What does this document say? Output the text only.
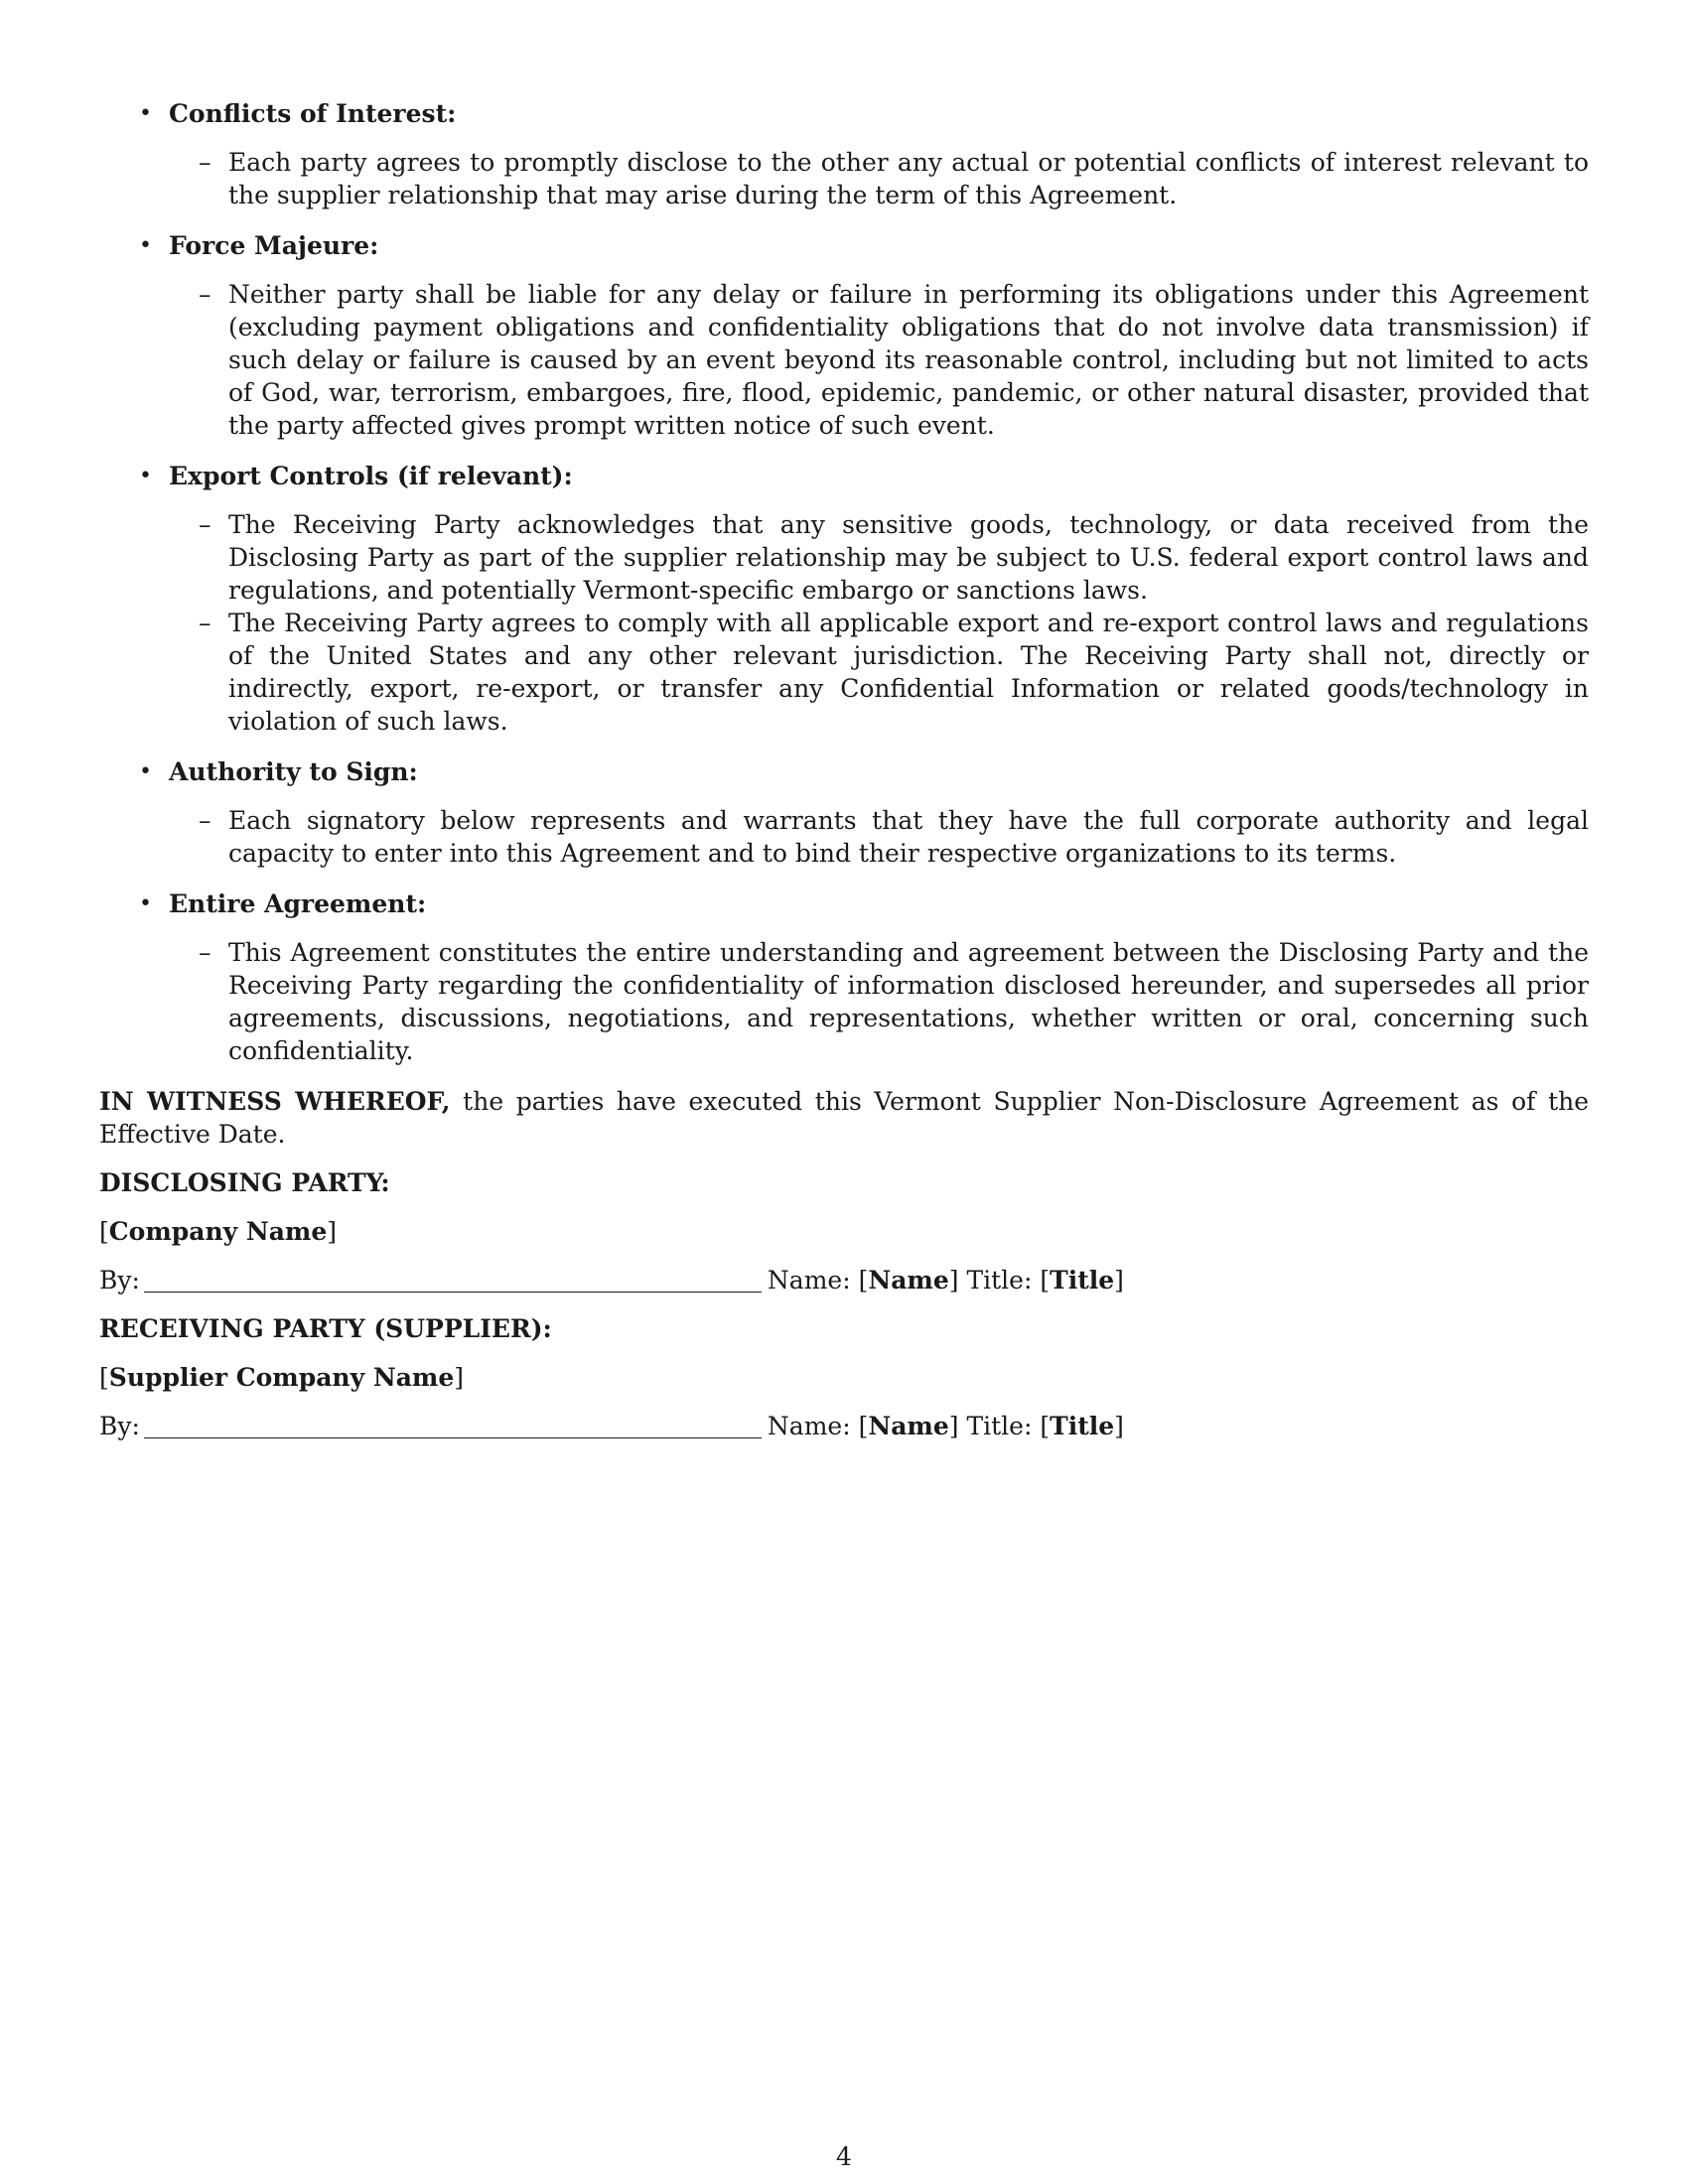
• Conflicts of Interest:
– Each party agrees to promptly disclose to the other any actual or potential conflicts of interest relevant to the supplier relationship that may arise during the term of this Agreement.
• Force Majeure:
– Neither party shall be liable for any delay or failure in performing its obligations under this Agreement (excluding payment obligations and confidentiality obligations that do not involve data transmission) if such delay or failure is caused by an event beyond its reasonable control, including but not limited to acts of God, war, terrorism, embargoes, fire, flood, epidemic, pandemic, or other natural disaster, provided that the party affected gives prompt written notice of such event.
• Export Controls (if relevant):
– The Receiving Party acknowledges that any sensitive goods, technology, or data received from the Disclosing Party as part of the supplier relationship may be subject to U.S. federal export control laws and regulations, and potentially Vermont-specific embargo or sanctions laws.
– The Receiving Party agrees to comply with all applicable export and re-export control laws and regulations of the United States and any other relevant jurisdiction. The Receiving Party shall not, directly or indirectly, export, re-export, or transfer any Confidential Information or related goods/technology in violation of such laws.
• Authority to Sign:
– Each signatory below represents and warrants that they have the full corporate authority and legal capacity to enter into this Agreement and to bind their respective organizations to its terms.
• Entire Agreement:
– This Agreement constitutes the entire understanding and agreement between the Disclosing Party and the Receiving Party regarding the confidentiality of information disclosed hereunder, and supersedes all prior agreements, discussions, negotiations, and representations, whether written or oral, concerning such confidentiality.
IN WITNESS WHEREOF, the parties have executed this Vermont Supplier Non-Disclosure Agreement as of the Effective Date.
DISCLOSING PARTY:
[Company Name]
By:	Name: [Name] Title: [Title]
RECEIVING PARTY (SUPPLIER):
[Supplier Company Name]
By:	Name: [Name] Title: [Title]
4
